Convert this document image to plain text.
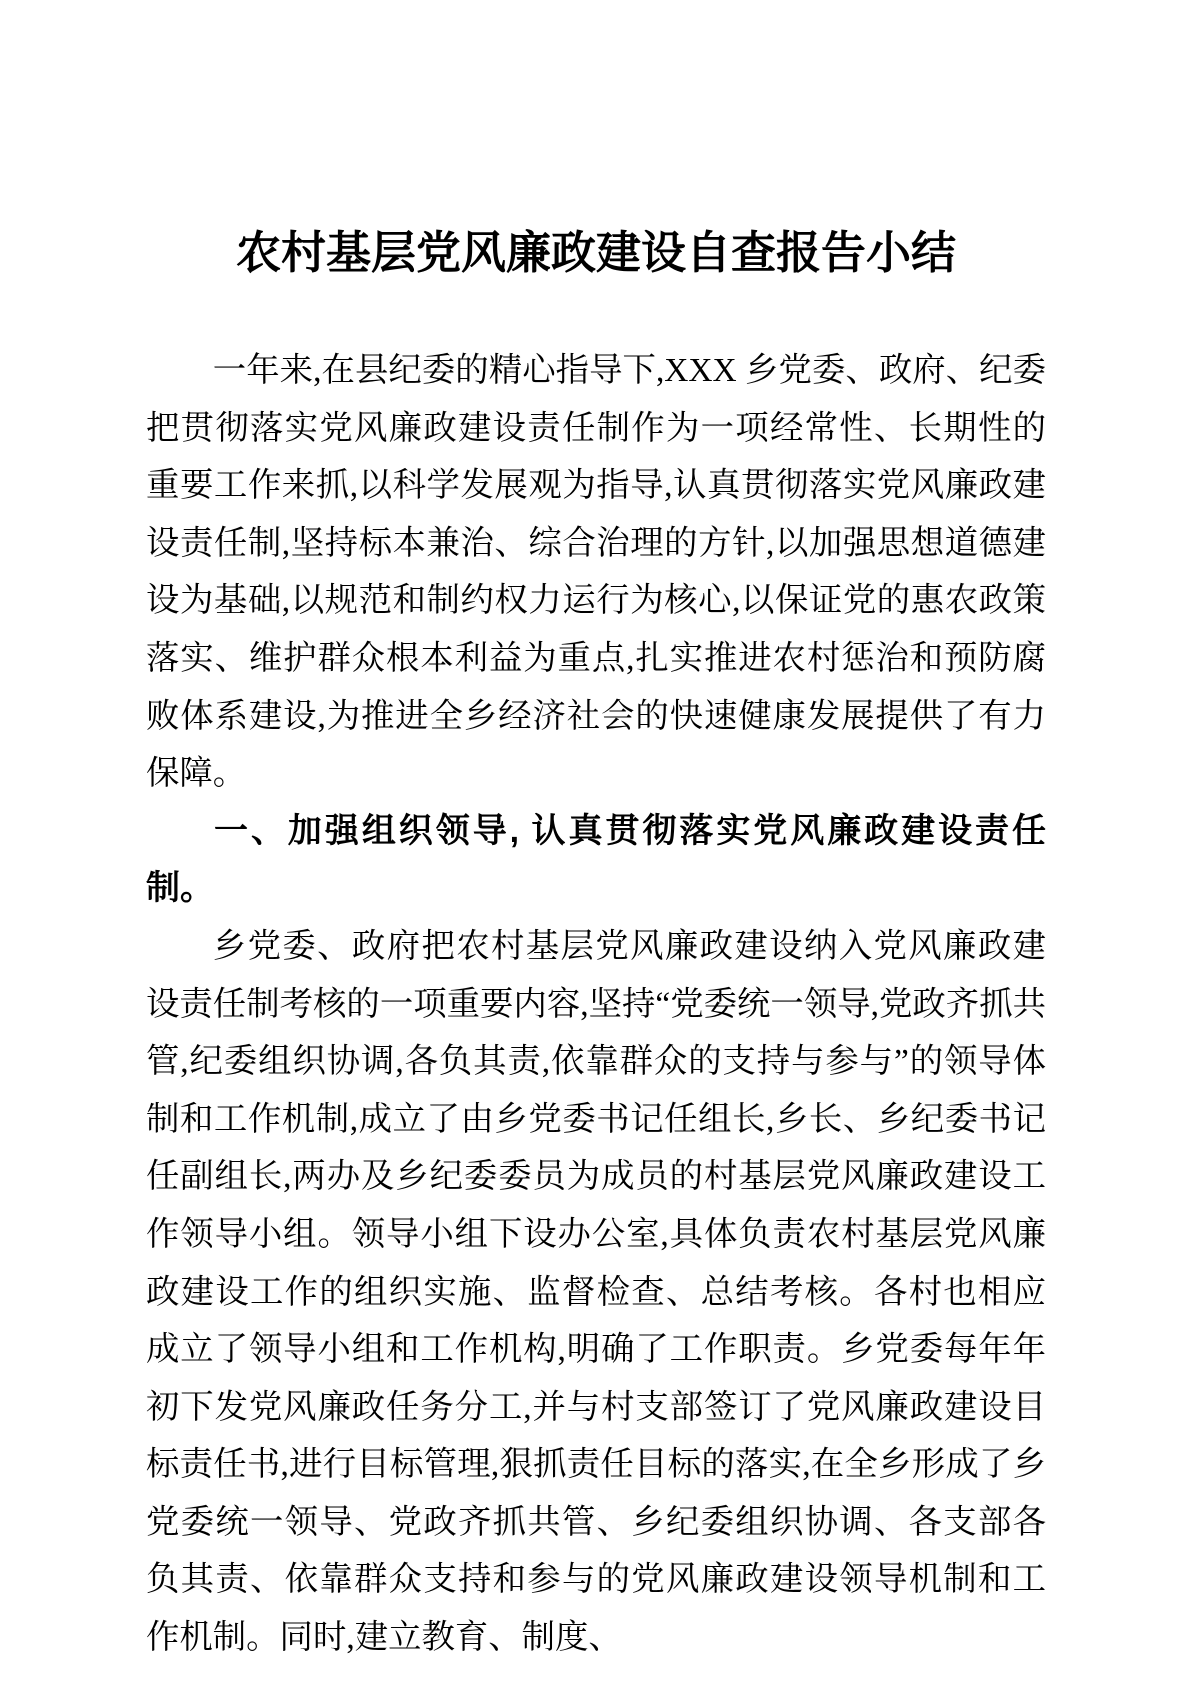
农村基层党风廉政建设自查报告小结

一年来,在县纪委的精心指导下,XXX 乡党委、政府、纪委把贯彻落实党风廉政建设责任制作为一项经常性、长期性的重要工作来抓,以科学发展观为指导,认真贯彻落实党风廉政建设责任制,坚持标本兼治、综合治理的方针,以加强思想道德建设为基础,以规范和制约权力运行为核心,以保证党的惠农政策落实、维护群众根本利益为重点,扎实推进农村惩治和预防腐败体系建设,为推进全乡经济社会的快速健康发展提供了有力保障。

一、加强组织领导, 认真贯彻落实党风廉政建设责任制。

乡党委、政府把农村基层党风廉政建设纳入党风廉政建设责任制考核的一项重要内容,坚持“党委统一领导,党政齐抓共管,纪委组织协调,各负其责,依靠群众的支持与参与”的领导体制和工作机制,成立了由乡党委书记任组长,乡长、乡纪委书记任副组长,两办及乡纪委委员为成员的村基层党风廉政建设工作领导小组。领导小组下设办公室,具体负责农村基层党风廉政建设工作的组织实施、监督检查、总结考核。各村也相应成立了领导小组和工作机构,明确了工作职责。乡党委每年年初下发党风廉政任务分工,并与村支部签订了党风廉政建设目标责任书,进行目标管理,狠抓责任目标的落实,在全乡形成了乡党委统一领导、党政齐抓共管、乡纪委组织协调、各支部各负其责、依靠群众支持和参与的党风廉政建设领导机制和工作机制。同时,建立教育、制度、
